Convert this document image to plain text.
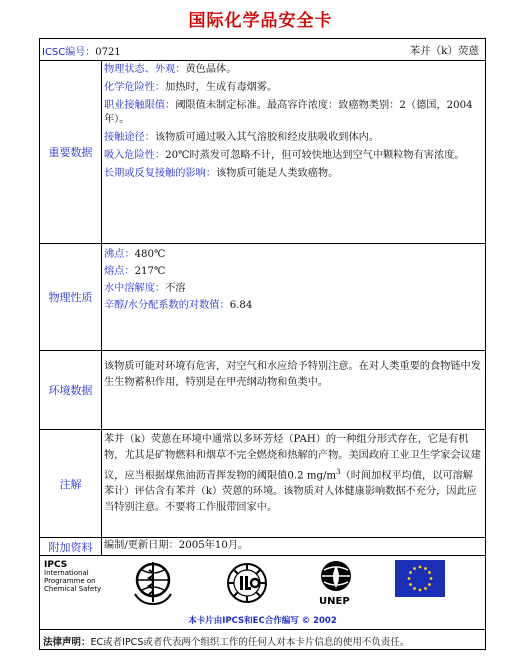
国际化学品安全卡
ICSC编号：0721	苯并（k）荧蒽
重要数据
物理状态、外观：黄色晶体。
化学危险性：加热时，生成有毒烟雾。
职业接触限值：阈限值未制定标准。最高容许浓度：致癌物类别：2（德国，2004年）。
接触途径：该物质可通过吸入其气溶胶和经皮肤吸收到体内。
吸入危险性：20℃时蒸发可忽略不计，但可较快地达到空气中颗粒物有害浓度。
长期或反复接触的影响：该物质可能是人类致癌物。
物理性质
沸点：480℃
熔点：217℃
水中溶解度：不溶
辛醇/水分配系数的对数值：6.84
环境数据
该物质可能对环境有危害，对空气和水应给予特别注意。在对人类重要的食物链中发生生物蓄积作用，特别是在甲壳纲动物和鱼类中。
注解
苯并（k）荧蒽在环境中通常以多环芳烃（PAH）的一种组分形式存在，它是有机物，尤其是矿物燃料和烟草不完全燃烧和热解的产物。美国政府工业卫生学家会议建议，应当根据煤焦油沥青挥发物的阈限值0.2 $mg/m^3$（时间加权平均值，以可溶解苯计）评估含有苯并（k）荧蒽的环境。该物质对人体健康影响数据不充分，因此应当特别注意。不要将工作服带回家中。
附加资料	编制/更新日期：2005年10月。
IPCS
International
Programme on
Chemical Safety
UNEP
本卡片由IPCS和EC合作编写 © 2002
法律声明： EC或者IPCS或者代表两个组织工作的任何人对本卡片信息的使用不负责任。
